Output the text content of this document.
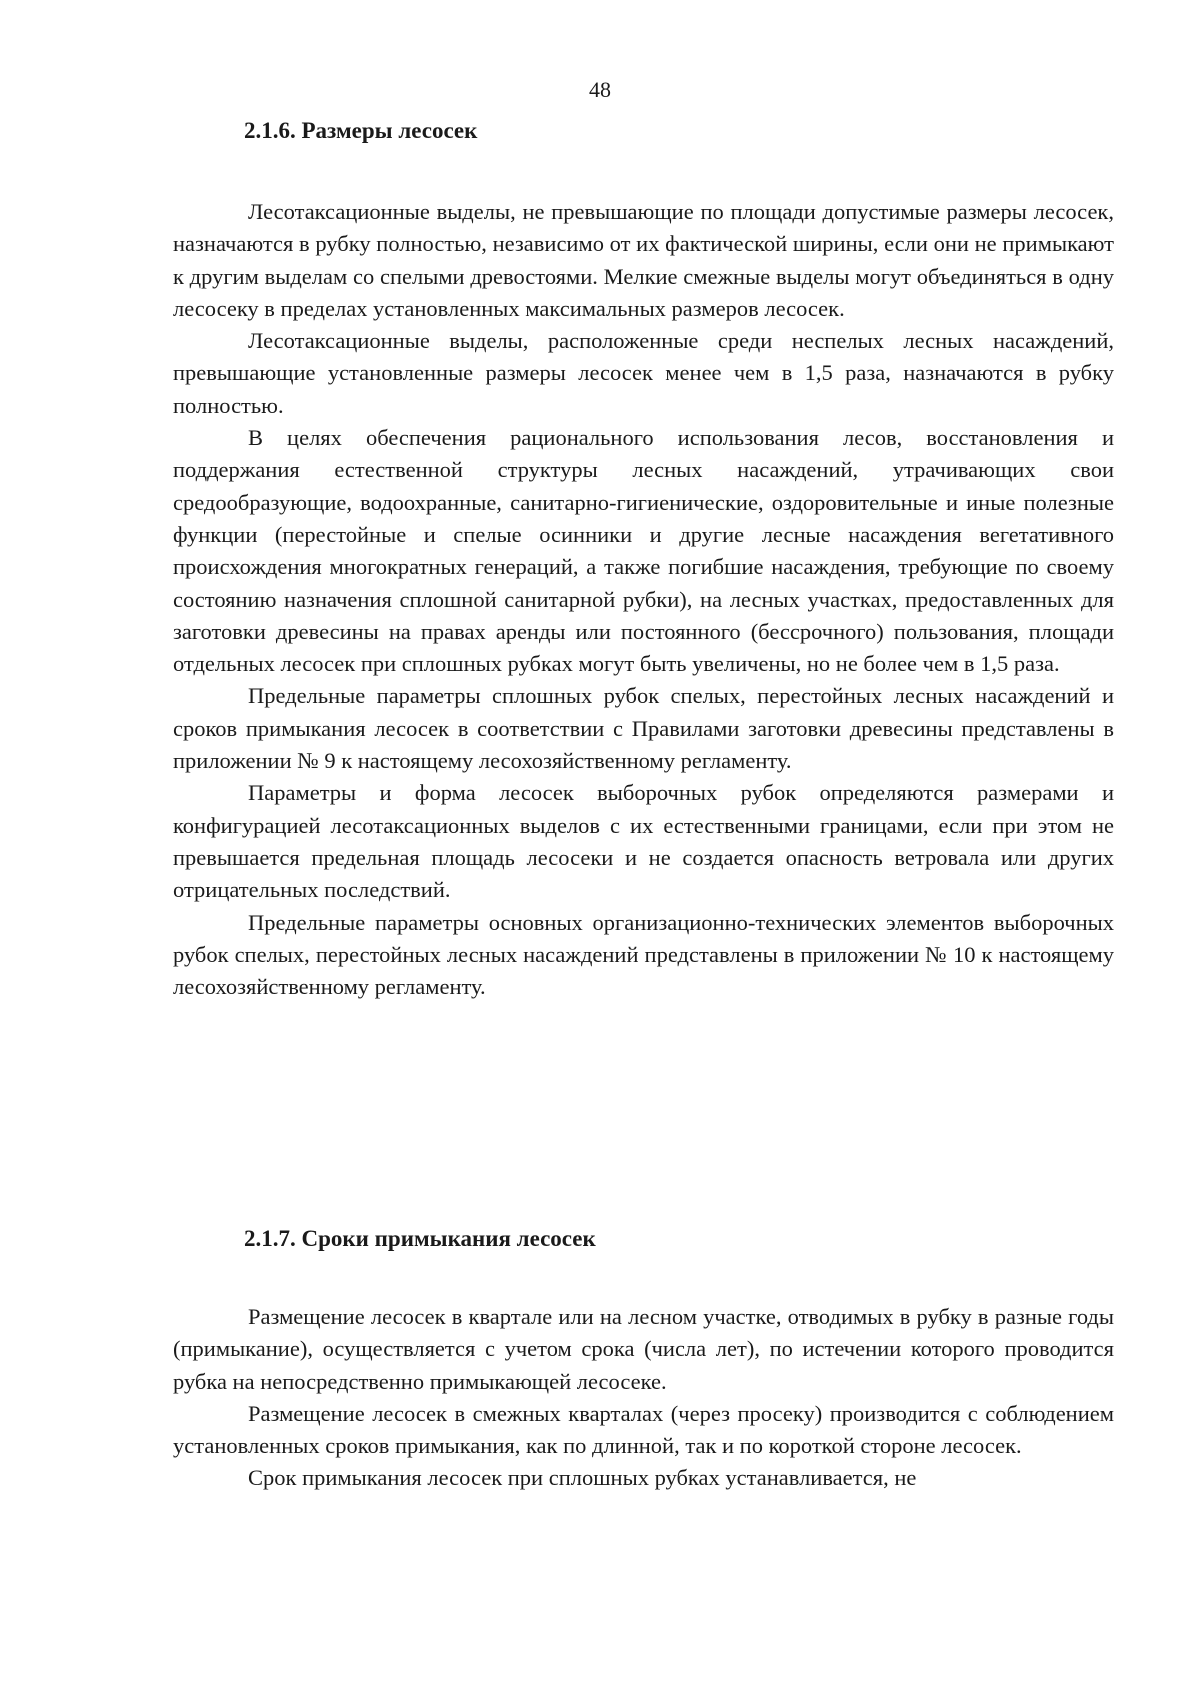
48
2.1.6. Размеры лесосек

Лесотаксационные выделы, не превышающие по площади допустимые размеры лесосек, назначаются в рубку полностью, независимо от их фактической ширины, если они не примыкают к другим выделам со спелыми древостоями. Мелкие смежные выделы могут объединяться в одну лесосеку в пределах установленных максимальных размеров лесосек.

Лесотаксационные выделы, расположенные среди неспелых лесных насаждений, превышающие установленные размеры лесосек менее чем в 1,5 раза, назначаются в рубку полностью.

В целях обеспечения рационального использования лесов, восстановления и поддержания естественной структуры лесных насаждений, утрачивающих свои средообразующие, водоохранные, санитарно-гигиенические, оздоровительные и иные полезные функции (перестойные и спелые осинники и другие лесные насаждения вегетативного происхождения многократных генераций, а также погибшие насаждения, требующие по своему состоянию назначения сплошной санитарной рубки), на лесных участках, предоставленных для заготовки древесины на правах аренды или постоянного (бессрочного) пользования, площади отдельных лесосек при сплошных рубках могут быть увеличены, но не более чем в 1,5 раза.

Предельные параметры сплошных рубок спелых, перестойных лесных насаждений и сроков примыкания лесосек в соответствии с Правилами заготовки древесины представлены в приложении № 9 к настоящему лесохозяйственному регламенту.

Параметры и форма лесосек выборочных рубок определяются размерами и конфигурацией лесотаксационных выделов с их естественными границами, если при этом не превышается предельная площадь лесосеки и не создается опасность ветровала или других отрицательных последствий.

Предельные параметры основных организационно-технических элементов выборочных рубок спелых, перестойных лесных насаждений представлены в приложении № 10 к настоящему лесохозяйственному регламенту.

2.1.7. Сроки примыкания лесосек

Размещение лесосек в квартале или на лесном участке, отводимых в рубку в разные годы (примыкание), осуществляется с учетом срока (числа лет), по истечении которого проводится рубка на непосредственно примыкающей лесосеке.

Размещение лесосек в смежных кварталах (через просеку) производится с соблюдением установленных сроков примыкания, как по длинной, так и по короткой стороне лесосек.

Срок примыкания лесосек при сплошных рубках устанавливается, не
